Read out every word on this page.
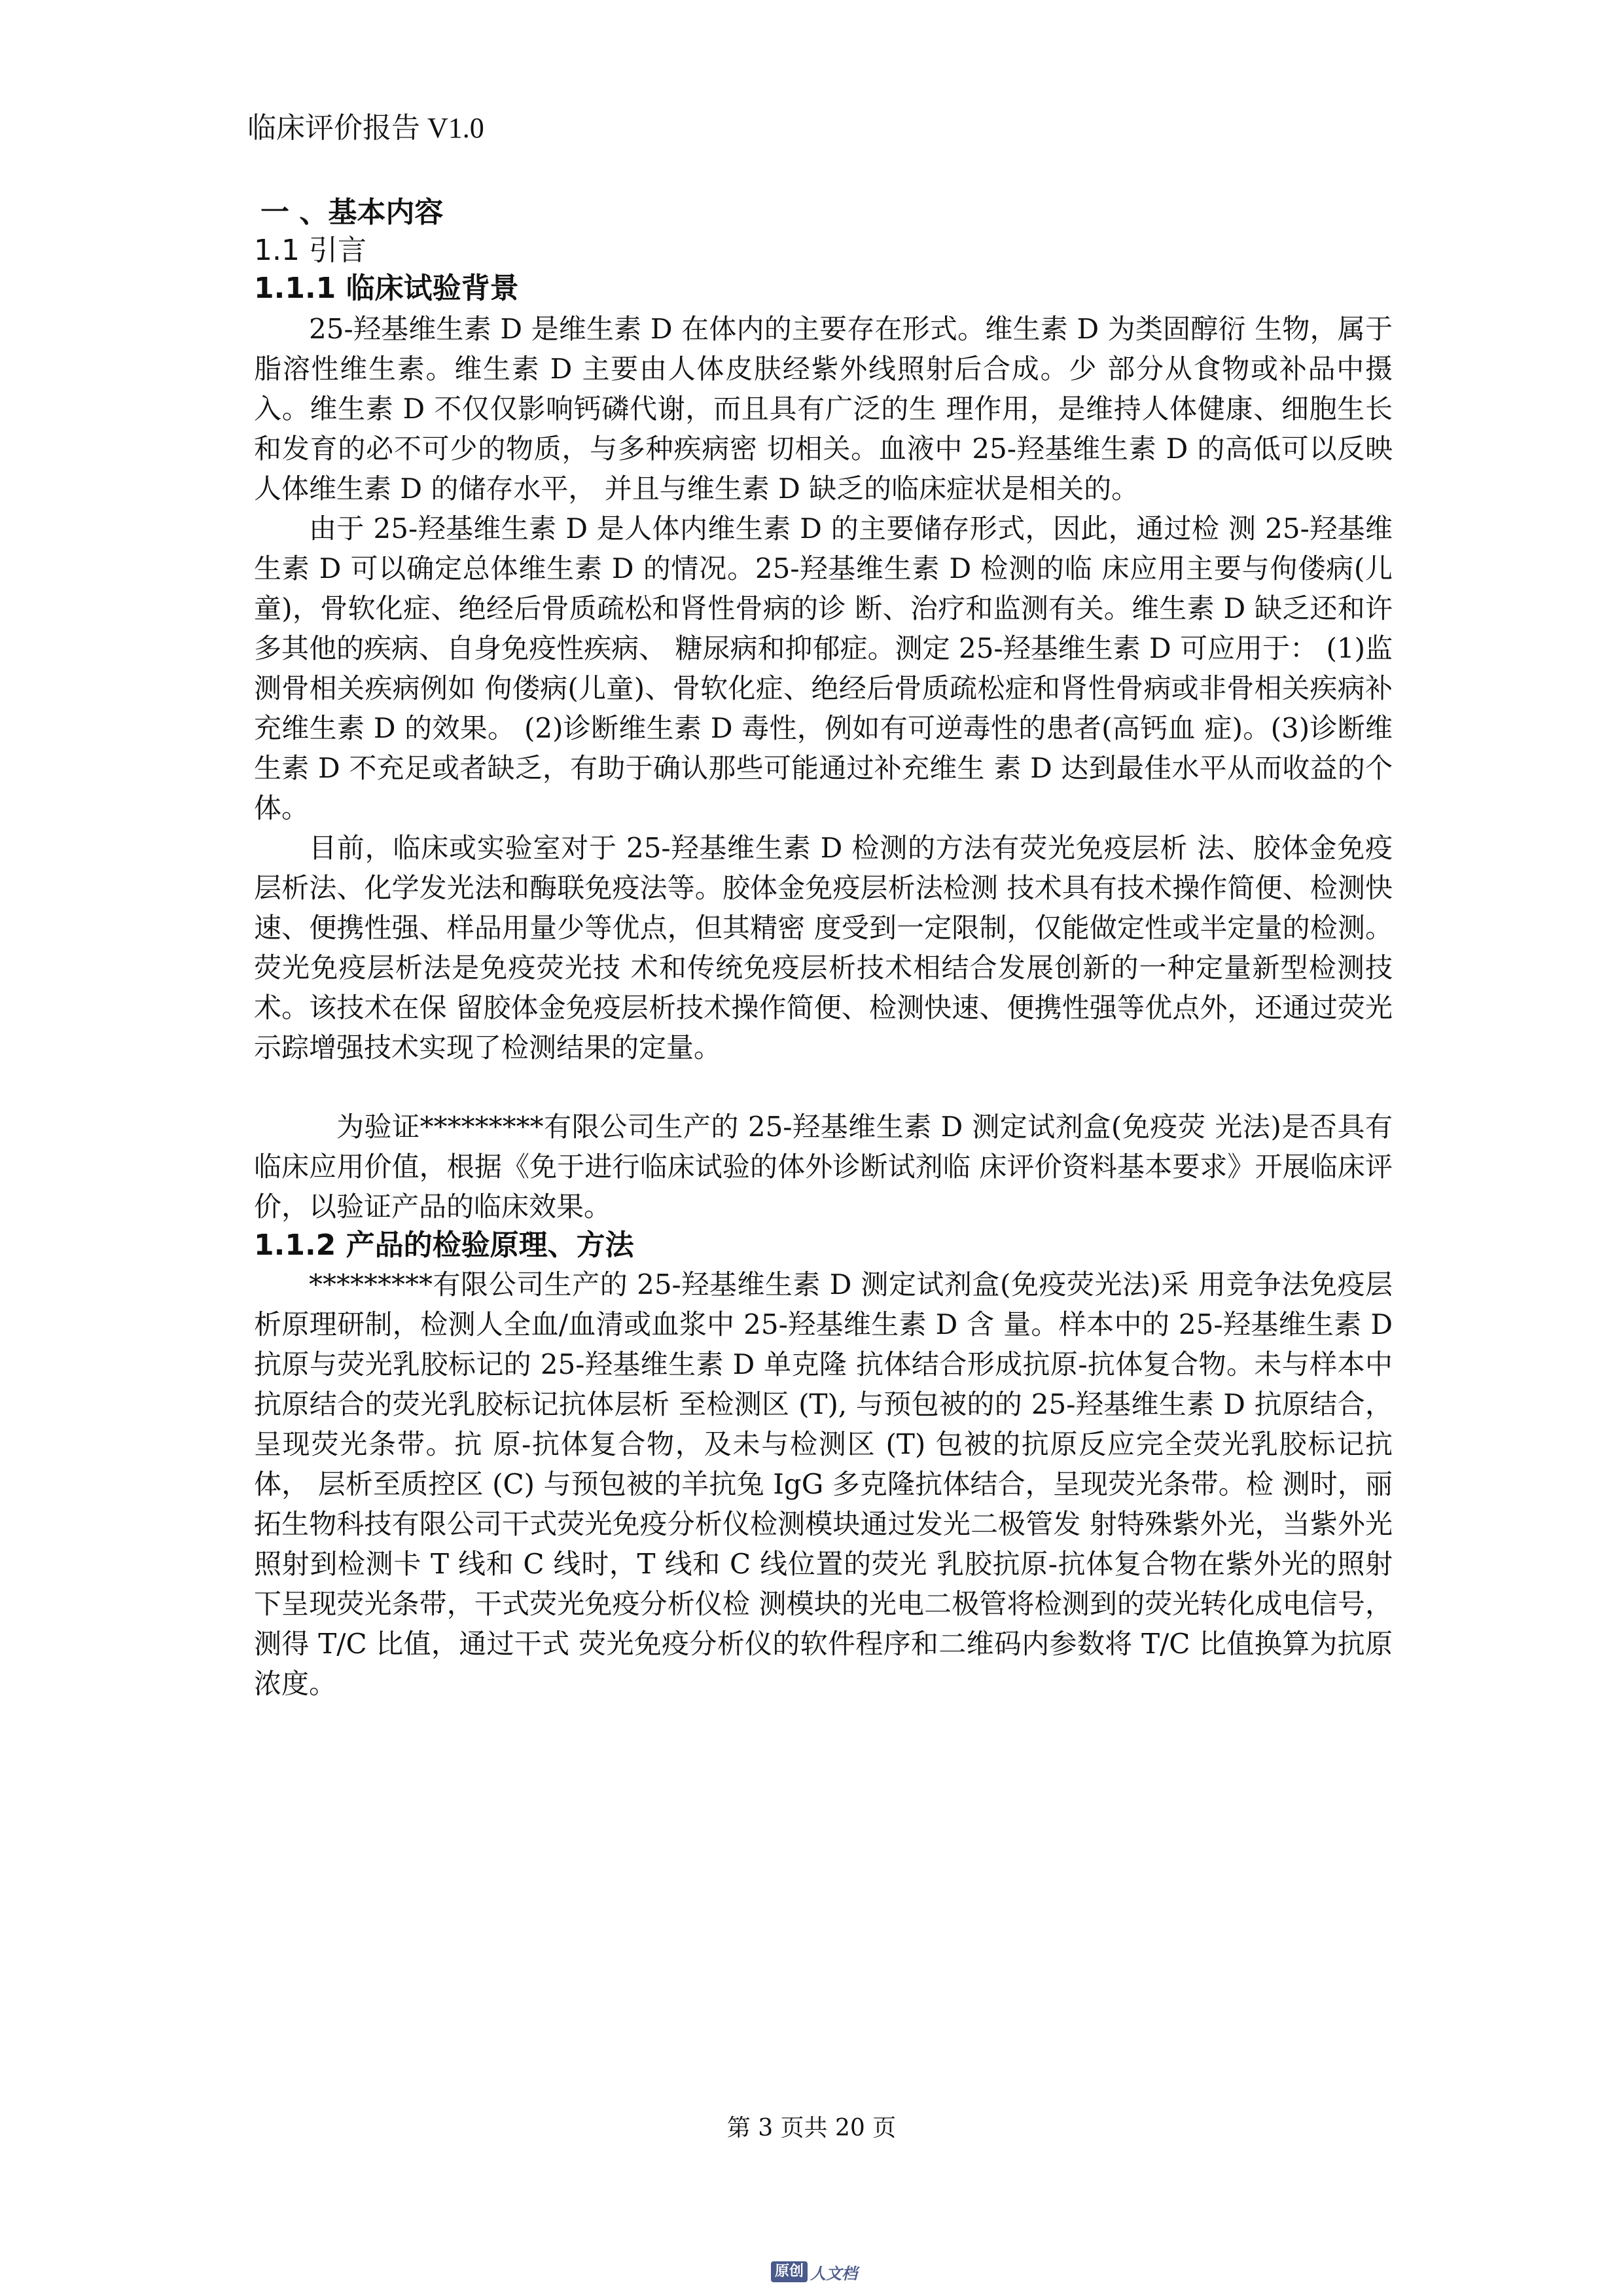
临床评价报告 V1.0

一 、基本内容

1.1 引言

1.1.1 临床试验背景

25-羟基维生素 D 是维生素 D 在体内的主要存在形式。维生素 D 为类固醇衍 生物，属于脂溶性维生素。维生素 D 主要由人体皮肤经紫外线照射后合成。少 部分从食物或补品中摄入。维生素 D 不仅仅影响钙磷代谢，而且具有广泛的生 理作用，是维持人体健康、细胞生长和发育的必不可少的物质，与多种疾病密 切相关。血液中 25-羟基维生素 D 的高低可以反映人体维生素 D 的储存水平， 并且与维生素 D 缺乏的临床症状是相关的。

由于 25-羟基维生素 D 是人体内维生素 D 的主要储存形式，因此，通过检 测 25-羟基维生素 D 可以确定总体维生素 D 的情况。25-羟基维生素 D 检测的临 床应用主要与佝偻病(儿童)，骨软化症、绝经后骨质疏松和肾性骨病的诊 断、治疗和监测有关。维生素 D 缺乏还和许多其他的疾病、自身免疫性疾病、 糖尿病和抑郁症。测定 25-羟基维生素 D 可应用于： (1)监测骨相关疾病例如 佝偻病(儿童)、骨软化症、绝经后骨质疏松症和肾性骨病或非骨相关疾病补 充维生素 D 的效果。 (2)诊断维生素 D 毒性，例如有可逆毒性的患者(高钙血 症)。(3)诊断维生素 D 不充足或者缺乏，有助于确认那些可能通过补充维生 素 D 达到最佳水平从而收益的个体。

目前，临床或实验室对于 25-羟基维生素 D 检测的方法有荧光免疫层析 法、胶体金免疫层析法、化学发光法和酶联免疫法等。胶体金免疫层析法检测 技术具有技术操作简便、检测快速、便携性强、样品用量少等优点，但其精密 度受到一定限制，仅能做定性或半定量的检测。荧光免疫层析法是免疫荧光技 术和传统免疫层析技术相结合发展创新的一种定量新型检测技术。该技术在保 留胶体金免疫层析技术操作简便、检测快速、便携性强等优点外，还通过荧光 示踪增强技术实现了检测结果的定量。

为验证*********有限公司生产的 25-羟基维生素 D 测定试剂盒(免疫荧 光法)是否具有临床应用价值，根据《免于进行临床试验的体外诊断试剂临 床评价资料基本要求》开展临床评价，以验证产品的临床效果。

1.1.2 产品的检验原理、方法

*********有限公司生产的 25-羟基维生素 D 测定试剂盒(免疫荧光法)采 用竞争法免疫层析原理研制，检测人全血/血清或血浆中 25-羟基维生素 D 含 量。样本中的 25-羟基维生素 D 抗原与荧光乳胶标记的 25-羟基维生素 D 单克隆 抗体结合形成抗原-抗体复合物。未与样本中抗原结合的荧光乳胶标记抗体层析 至检测区 (T), 与预包被的的 25-羟基维生素 D 抗原结合，呈现荧光条带。抗 原-抗体复合物，及未与检测区 (T) 包被的抗原反应完全荧光乳胶标记抗体， 层析至质控区 (C) 与预包被的羊抗兔 IgG 多克隆抗体结合，呈现荧光条带。检 测时，丽拓生物科技有限公司干式荧光免疫分析仪检测模块通过发光二极管发 射特殊紫外光，当紫外光照射到检测卡 T 线和 C 线时，T 线和 C 线位置的荧光 乳胶抗原-抗体复合物在紫外光的照射下呈现荧光条带，干式荧光免疫分析仪检 测模块的光电二极管将检测到的荧光转化成电信号，测得 T/C 比值，通过干式 荧光免疫分析仪的软件程序和二维码内参数将 T/C 比值换算为抗原浓度。

第 3 页共 20 页
原创 人文档
